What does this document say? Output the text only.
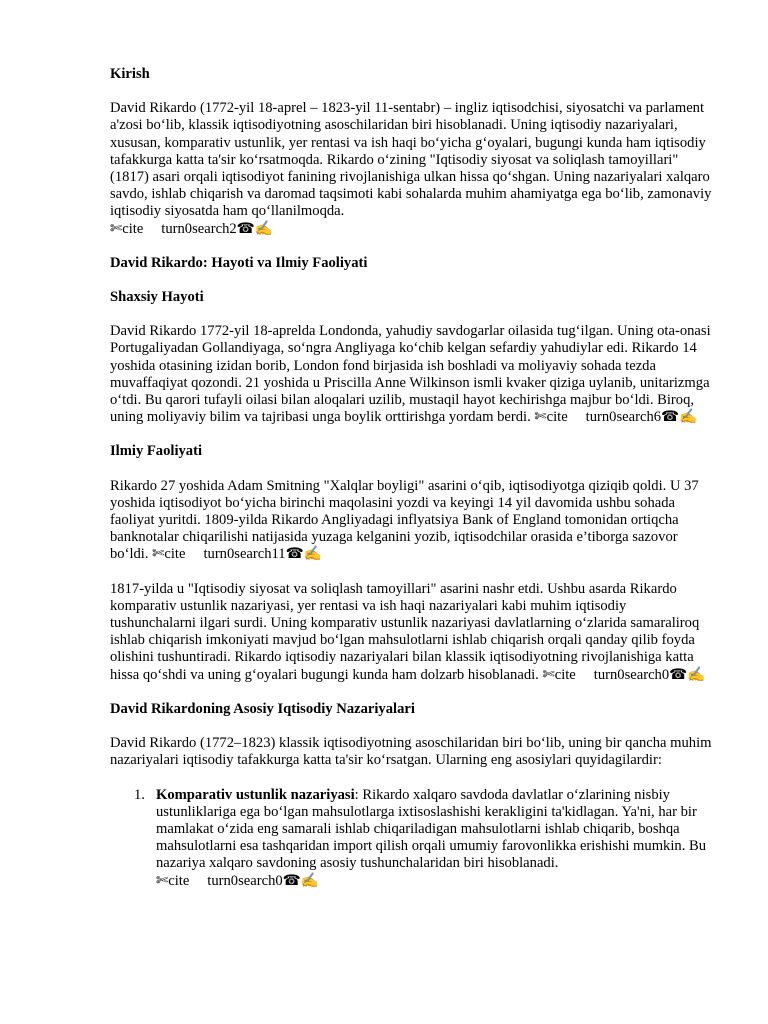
Kirish

David Rikardo (1772-yil 18-aprel – 1823-yil 11-sentabr) – ingliz iqtisodchisi, siyosatchi va parlament a'zosi bo‘lib, klassik iqtisodiyotning asoschilaridan biri hisoblanadi. Uning iqtisodiy nazariyalari, xususan, komparativ ustunlik, yer rentasi va ish haqi bo‘yicha g‘oyalari, bugungi kunda ham iqtisodiy tafakkurga katta ta'sir ko‘rsatmoqda. Rikardo o‘zining "Iqtisodiy siyosat va soliqlash tamoyillari" (1817) asari orqali iqtisodiyot fanining rivojlanishiga ulkan hissa qo‘shgan. Uning nazariyalari xalqaro savdo, ishlab chiqarish va daromad taqsimoti kabi sohalarda muhim ahamiyatga ega bo‘lib, zamonaviy iqtisodiy siyosatda ham qo‘llanilmoqda.
✄cite turn0search2☎✍

David Rikardo: Hayoti va Ilmiy Faoliyati
Shaxsiy Hayoti

David Rikardo 1772-yil 18-aprelda Londonda, yahudiy savdogarlar oilasida tug‘ilgan. Uning ota-onasi Portugaliyadan Gollandiyaga, so‘ngra Angliyaga ko‘chib kelgan sefardiy yahudiylar edi. Rikardo 14 yoshida otasining izidan borib, London fond birjasida ish boshladi va moliyaviy sohada tezda muvaffaqiyat qozondi. 21 yoshida u Priscilla Anne Wilkinson ismli kvaker qiziga uylanib, unitarizmga o‘tdi. Bu qarori tufayli oilasi bilan aloqalari uzilib, mustaqil hayot kechirishga majbur bo‘ldi. Biroq, uning moliyaviy bilim va tajribasi unga boylik orttirishga yordam berdi. ✄cite turn0search6☎✍

Ilmiy Faoliyati

Rikardo 27 yoshida Adam Smitning "Xalqlar boyligi" asarini o‘qib, iqtisodiyotga qiziqib qoldi. U 37 yoshida iqtisodiyot bo‘yicha birinchi maqolasini yozdi va keyingi 14 yil davomida ushbu sohada faoliyat yuritdi. 1809-yilda Rikardo Angliyadagi inflyatsiya Bank of England tomonidan ortiqcha banknotalar chiqarilishi natijasida yuzaga kelganini yozib, iqtisodchilar orasida e’tiborga sazovor bo‘ldi. ✄cite turn0search11☎✍

1817-yilda u "Iqtisodiy siyosat va soliqlash tamoyillari" asarini nashr etdi. Ushbu asarda Rikardo komparativ ustunlik nazariyasi, yer rentasi va ish haqi nazariyalari kabi muhim iqtisodiy tushunchalarni ilgari surdi. Uning komparativ ustunlik nazariyasi davlatlarning o‘zlarida samaraliroq ishlab chiqarish imkoniyati mavjud bo‘lgan mahsulotlarni ishlab chiqarish orqali qanday qilib foyda olishini tushuntiradi. Rikardo iqtisodiy nazariyalari bilan klassik iqtisodiyotning rivojlanishiga katta hissa qo‘shdi va uning g‘oyalari bugungi kunda ham dolzarb hisoblanadi. ✄cite turn0search0☎✍

David Rikardoning Asosiy Iqtisodiy Nazariyalari

David Rikardo (1772–1823) klassik iqtisodiyotning asoschilaridan biri bo‘lib, uning bir qancha muhim nazariyalari iqtisodiy tafakkurga katta ta'sir ko‘rsatgan. Ularning eng asosiylari quyidagilardir:

1. Komparativ ustunlik nazariyasi: Rikardo xalqaro savdoda davlatlar o‘zlarining nisbiy ustunliklariga ega bo‘lgan mahsulotlarga ixtisoslashishi kerakligini ta'kidlagan. Ya'ni, har bir mamlakat o‘zida eng samarali ishlab chiqariladigan mahsulotlarni ishlab chiqarib, boshqa mahsulotlarni esa tashqaridan import qilish orqali umumiy farovonlikka erishishi mumkin. Bu nazariya xalqaro savdoning asosiy tushunchalaridan biri hisoblanadi.
✄cite turn0search0☎✍
